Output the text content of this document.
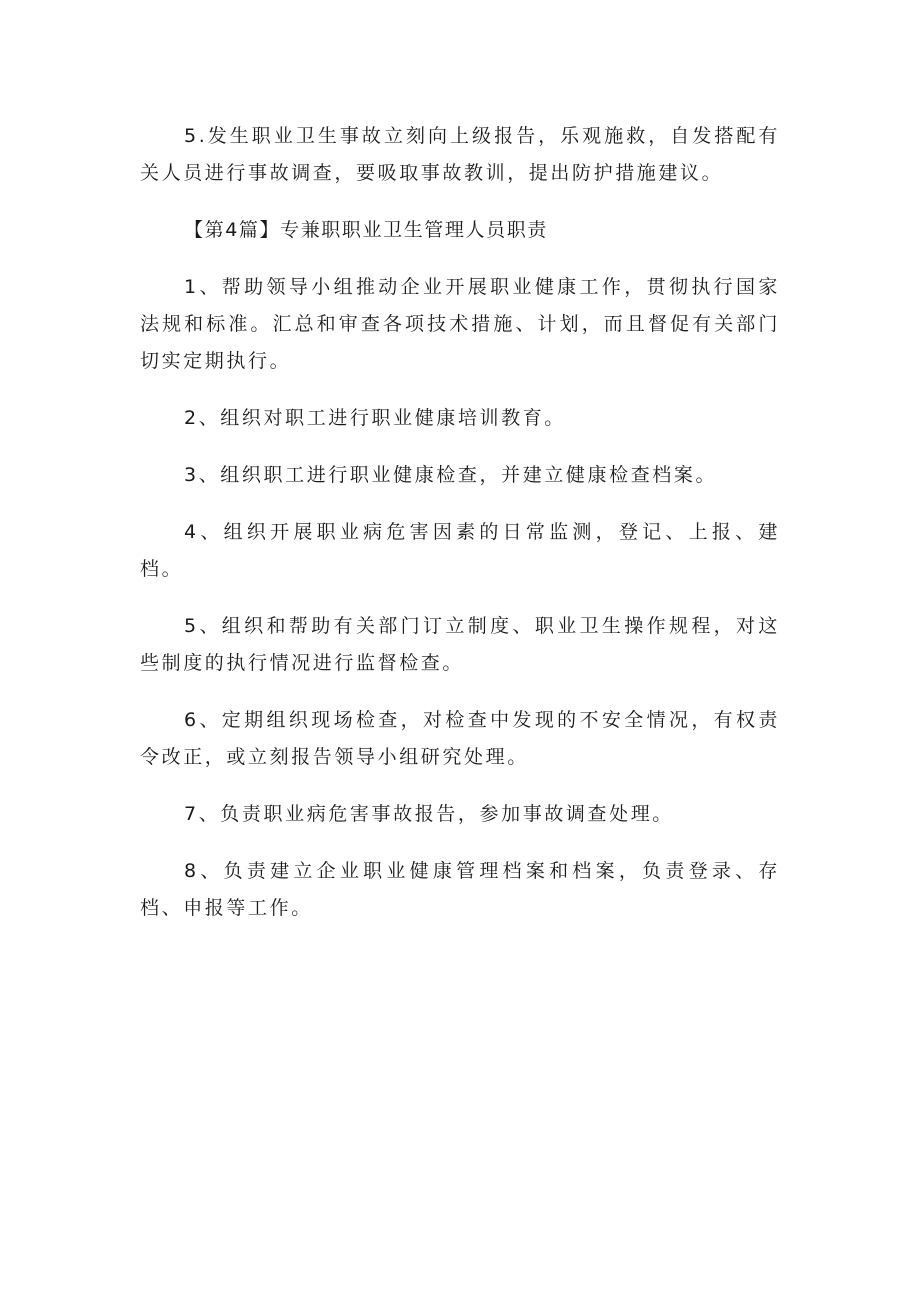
5.发生职业卫生事故立刻向上级报告，乐观施救，自发搭配有关人员进行事故调查，要吸取事故教训，提出防护措施建议。

【第4篇】专兼职职业卫生管理人员职责

1、帮助领导小组推动企业开展职业健康工作，贯彻执行国家法规和标准。汇总和审查各项技术措施、计划，而且督促有关部门切实定期执行。

2、组织对职工进行职业健康培训教育。

3、组织职工进行职业健康检查，并建立健康检查档案。

4、组织开展职业病危害因素的日常监测，登记、上报、建档。

5、组织和帮助有关部门订立制度、职业卫生操作规程，对这些制度的执行情况进行监督检查。

6、定期组织现场检查，对检查中发现的不安全情况，有权责令改正，或立刻报告领导小组研究处理。

7、负责职业病危害事故报告，参加事故调查处理。

8、负责建立企业职业健康管理档案和档案，负责登录、存档、申报等工作。
